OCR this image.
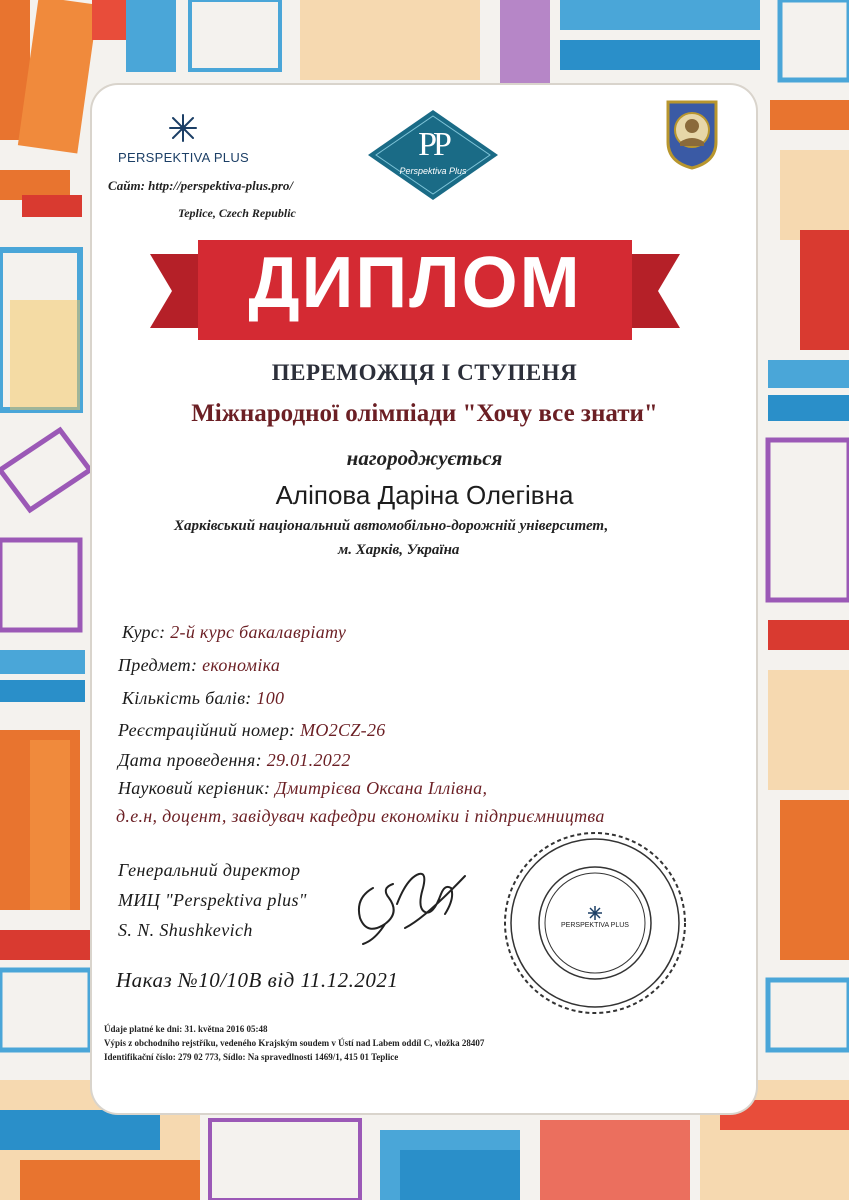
PERSPEKTIVA PLUS
Сайт: http://perspektiva-plus.pro/
Teplice, Czech Republic
PP
Perspektiva Plus
ДИПЛОМ
ПЕРЕМОЖЦЯ І СТУПЕНЯ
Міжнародної олімпіади "Хочу все знати"
нагороджується
Аліпова Даріна Олегівна
Харківський національний автомобільно-дорожній університет,
м. Харків, Україна
Курс: 2-й курс бакалавріату
Предмет: економіка
Кількість балів: 100
Реєстраційний номер: MO2CZ-26
Дата проведення: 29.01.2022
Науковий керівник: Дмитрієва Оксана Іллівна,
д.е.н, доцент, завідувач кафедри економіки і підприємництва
Генеральний директор
МИЦ "Perspektiva plus"
S. N. Shushkevich	PERSPEKTIVA PLUS
Наказ №10/10В від 11.12.2021
Údaje platné ke dni: 31. května 2016 05:48
Výpis z obchodního rejstříku, vedeného Krajským soudem v Ústí nad Labem oddíl C, vložka 28407
Identifikační číslo: 279 02 773, Sídlo: Na spravedlnosti 1469/1, 415 01 Teplice
